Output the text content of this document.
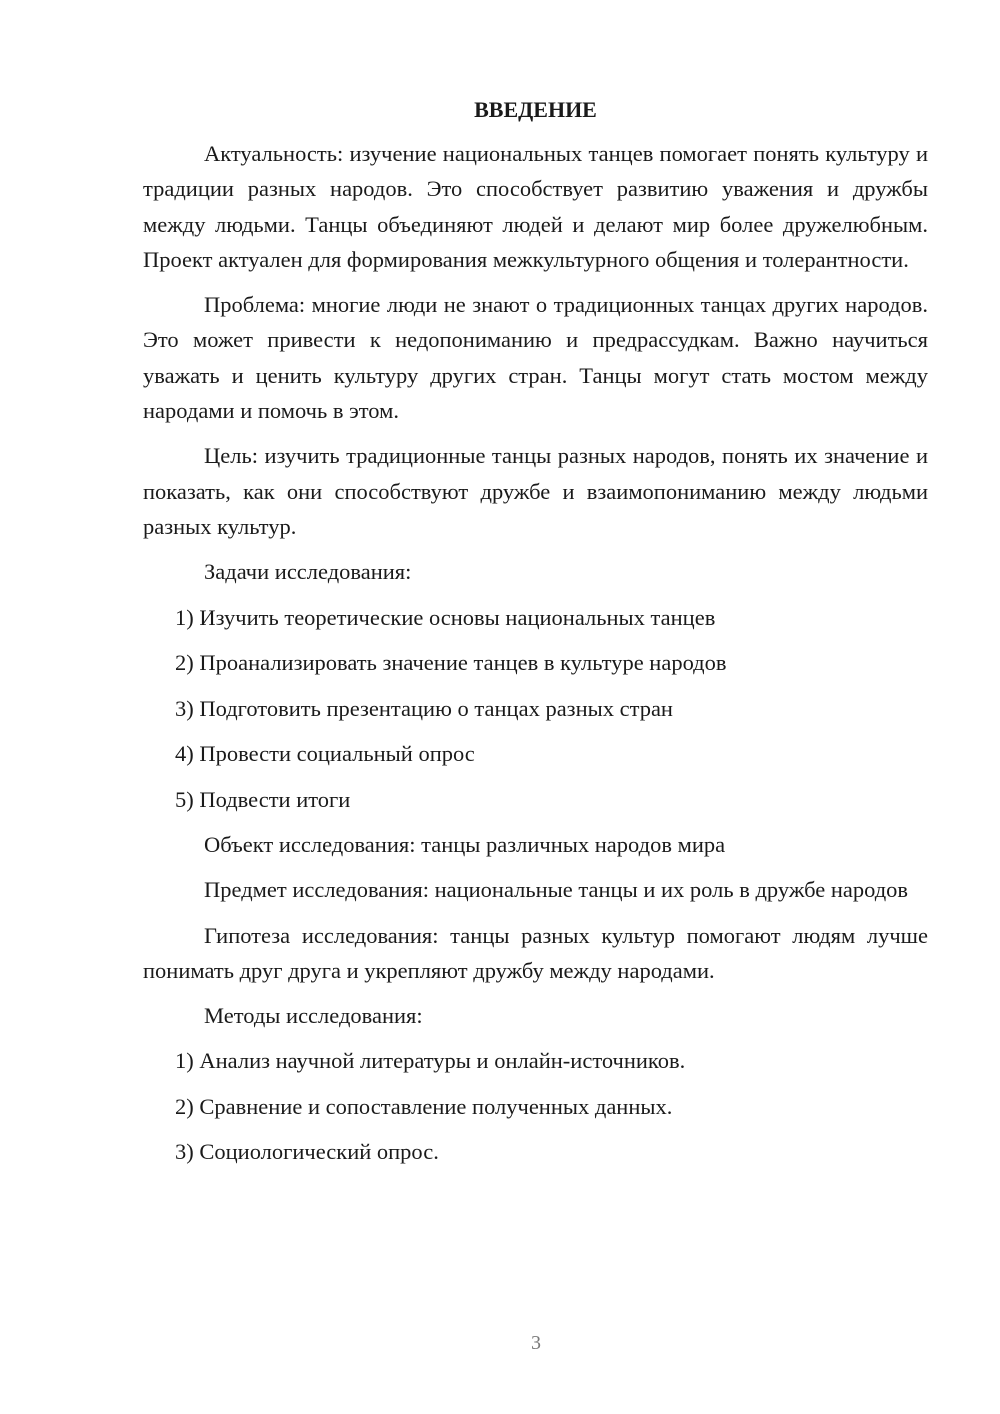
ВВЕДЕНИЕ

Актуальность: изучение национальных танцев помогает понять культуру и традиции разных народов. Это способствует развитию уважения и дружбы между людьми. Танцы объединяют людей и делают мир более дружелюбным. Проект актуален для формирования межкультурного общения и толерантности.

Проблема: многие люди не знают о традиционных танцах других народов. Это может привести к недопониманию и предрассудкам. Важно научиться уважать и ценить культуру других стран. Танцы могут стать мостом между народами и помочь в этом.

Цель: изучить традиционные танцы разных народов, понять их значение и показать, как они способствуют дружбе и взаимопониманию между людьми разных культур.

Задачи исследования:

1) Изучить теоретические основы национальных танцев

2) Проанализировать значение танцев в культуре народов

3) Подготовить презентацию о танцах разных стран

4) Провести социальный опрос

5) Подвести итоги

Объект исследования: танцы различных народов мира

Предмет исследования: национальные танцы и их роль в дружбе народов

Гипотеза исследования: танцы разных культур помогают людям лучше понимать друг друга и укрепляют дружбу между народами.

Методы исследования:

1) Анализ научной литературы и онлайн-источников.

2) Сравнение и сопоставление полученных данных.

3) Социологический опрос.

3
